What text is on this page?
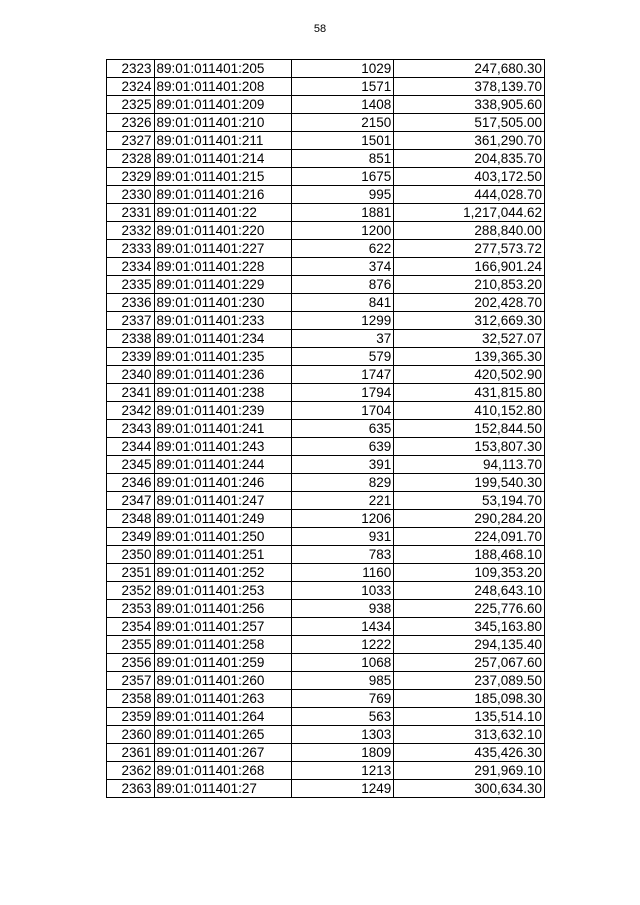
58
2323	89:01:011401:205	1029	247,680.30
2324	89:01:011401:208	1571	378,139.70
2325	89:01:011401:209	1408	338,905.60
2326	89:01:011401:210	2150	517,505.00
2327	89:01:011401:211	1501	361,290.70
2328	89:01:011401:214	851	204,835.70
2329	89:01:011401:215	1675	403,172.50
2330	89:01:011401:216	995	444,028.70
2331	89:01:011401:22	1881	1,217,044.62
2332	89:01:011401:220	1200	288,840.00
2333	89:01:011401:227	622	277,573.72
2334	89:01:011401:228	374	166,901.24
2335	89:01:011401:229	876	210,853.20
2336	89:01:011401:230	841	202,428.70
2337	89:01:011401:233	1299	312,669.30
2338	89:01:011401:234	37	32,527.07
2339	89:01:011401:235	579	139,365.30
2340	89:01:011401:236	1747	420,502.90
2341	89:01:011401:238	1794	431,815.80
2342	89:01:011401:239	1704	410,152.80
2343	89:01:011401:241	635	152,844.50
2344	89:01:011401:243	639	153,807.30
2345	89:01:011401:244	391	94,113.70
2346	89:01:011401:246	829	199,540.30
2347	89:01:011401:247	221	53,194.70
2348	89:01:011401:249	1206	290,284.20
2349	89:01:011401:250	931	224,091.70
2350	89:01:011401:251	783	188,468.10
2351	89:01:011401:252	1160	109,353.20
2352	89:01:011401:253	1033	248,643.10
2353	89:01:011401:256	938	225,776.60
2354	89:01:011401:257	1434	345,163.80
2355	89:01:011401:258	1222	294,135.40
2356	89:01:011401:259	1068	257,067.60
2357	89:01:011401:260	985	237,089.50
2358	89:01:011401:263	769	185,098.30
2359	89:01:011401:264	563	135,514.10
2360	89:01:011401:265	1303	313,632.10
2361	89:01:011401:267	1809	435,426.30
2362	89:01:011401:268	1213	291,969.10
2363	89:01:011401:27	1249	300,634.30
